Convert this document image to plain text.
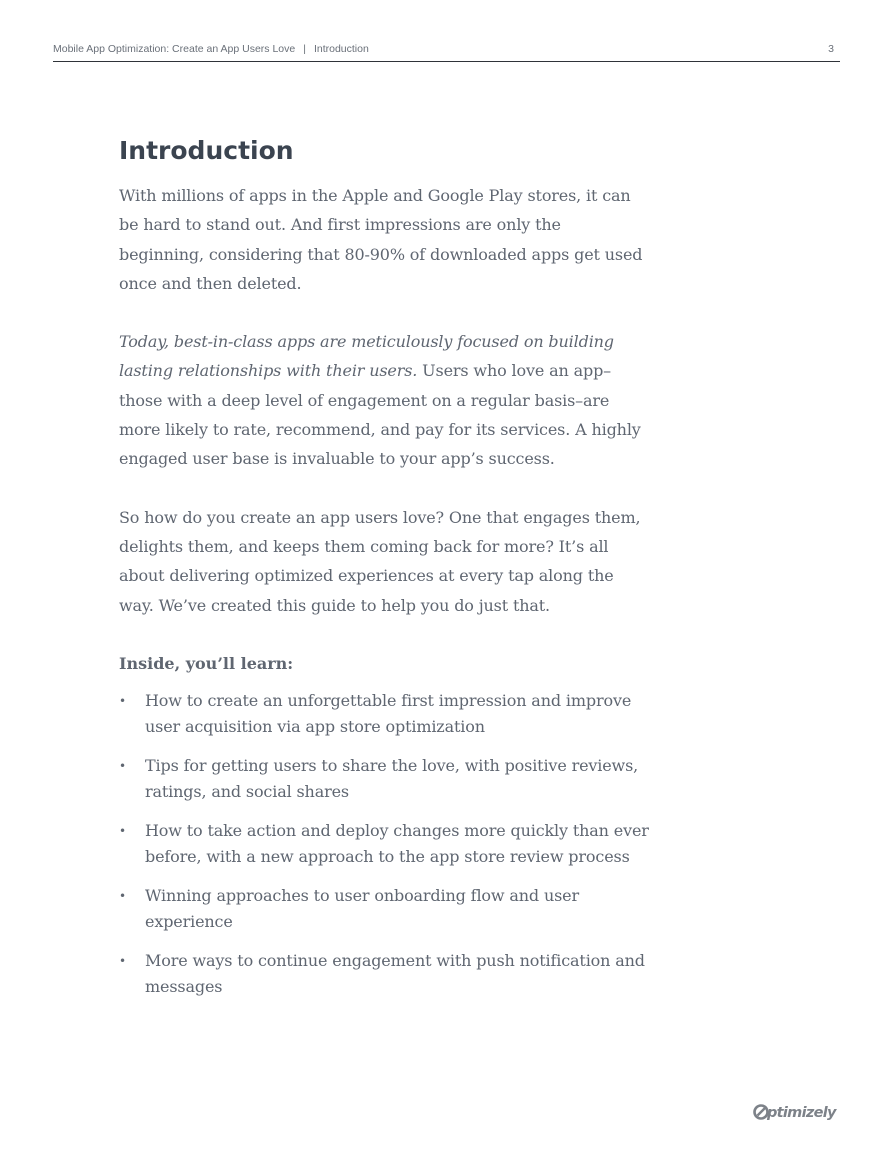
Mobile App Optimization: Create an App Users Love | Introduction	3
Introduction

With millions of apps in the Apple and Google Play stores, it can be hard to stand out. And first impressions are only the beginning, considering that 80-90% of downloaded apps get used once and then deleted.

Today, best-in-class apps are meticulously focused on building lasting relationships with their users. Users who love an app–those with a deep level of engagement on a regular basis–are more likely to rate, recommend, and pay for its services. A highly engaged user base is invaluable to your app’s success.

So how do you create an app users love? One that engages them, delights them, and keeps them coming back for more? It’s all about delivering optimized experiences at every tap along the way. We’ve created this guide to help you do just that.

Inside, you’ll learn:

• How to create an unforgettable first impression and improve user acquisition via app store optimization
• Tips for getting users to share the love, with positive reviews, ratings, and social shares
• How to take action and deploy changes more quickly than ever before, with a new approach to the app store review process
• Winning approaches to user onboarding flow and user experience
• More ways to continue engagement with push notification and messages
ptimizely
